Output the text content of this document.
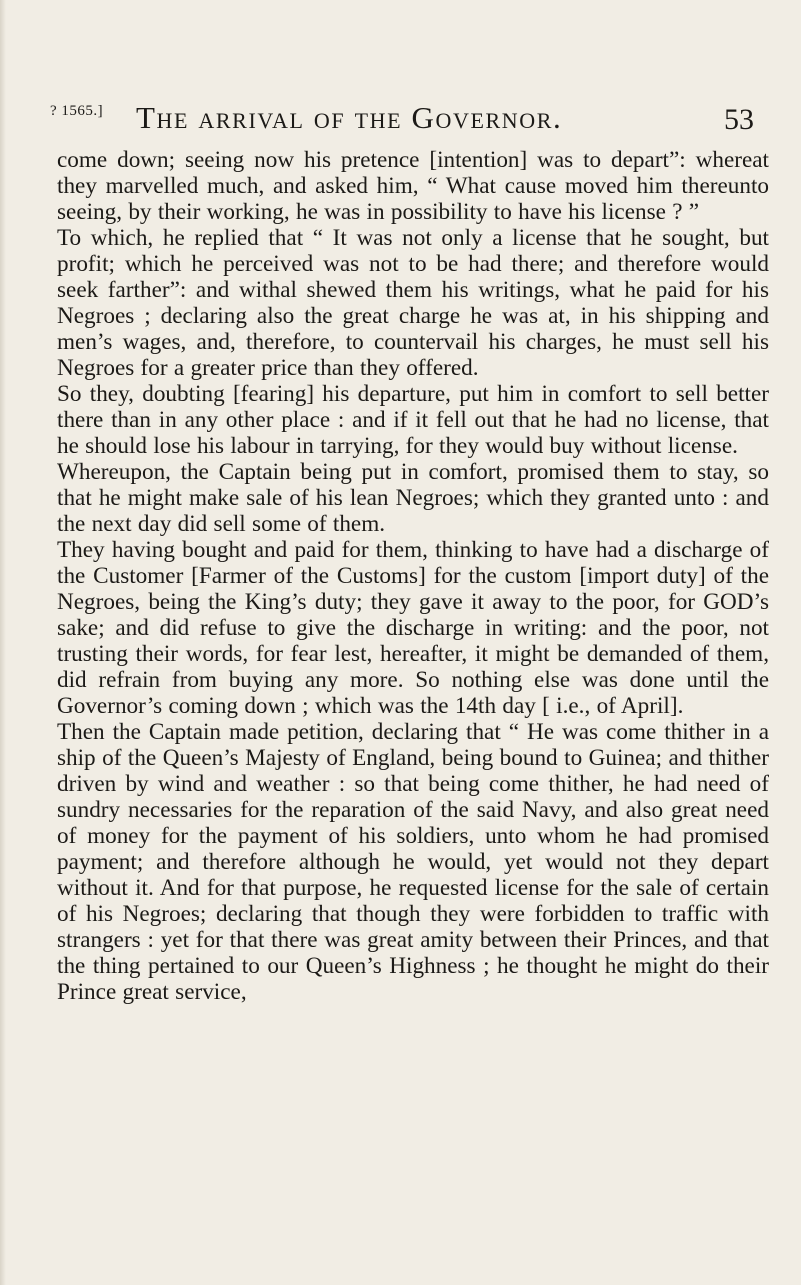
? 1565.] The arrival of the Governor.	53

come down; seeing now his pretence [intention] was to depart”: whereat they marvelled much, and asked him, “ What cause moved him thereunto seeing, by their working, he was in possibility to have his license ? ”

To which, he replied that “ It was not only a license that he sought, but profit; which he perceived was not to be had there; and therefore would seek farther”: and withal shewed them his writings, what he paid for his Negroes ; declaring also the great charge he was at, in his shipping and men’s wages, and, therefore, to countervail his charges, he must sell his Negroes for a greater price than they offered.

So they, doubting [fearing] his departure, put him in comfort to sell better there than in any other place : and if it fell out that he had no license, that he should lose his labour in tarrying, for they would buy without license.

Whereupon, the Captain being put in comfort, promised them to stay, so that he might make sale of his lean Negroes; which they granted unto : and the next day did sell some of them.

They having bought and paid for them, thinking to have had a discharge of the Customer [Farmer of the Customs] for the custom [import duty] of the Negroes, being the King’s duty; they gave it away to the poor, for GOD’s sake; and did refuse to give the discharge in writing: and the poor, not trusting their words, for fear lest, hereafter, it might be demanded of them, did refrain from buying any more. So nothing else was done until the Governor’s coming down ; which was the 14th day [ i.e., of April].

Then the Captain made petition, declaring that “ He was come thither in a ship of the Queen’s Majesty of England, being bound to Guinea; and thither driven by wind and weather : so that being come thither, he had need of sundry necessaries for the reparation of the said Navy, and also great need of money for the payment of his soldiers, unto whom he had promised payment; and therefore although he would, yet would not they depart without it. And for that purpose, he requested license for the sale of certain of his Negroes; declaring that though they were forbidden to traffic with strangers : yet for that there was great amity between their Princes, and that the thing pertained to our Queen’s Highness ; he thought he might do their Prince great service,
